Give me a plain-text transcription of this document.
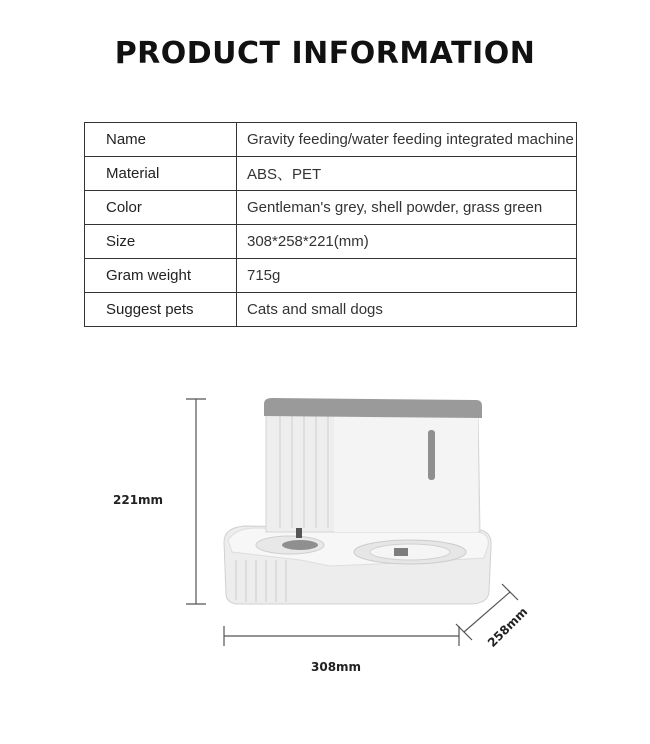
PRODUCT INFORMATION
Name	Gravity feeding/water feeding integrated machine
Material	ABS、PET
Color	Gentleman's grey, shell powder, grass green
Size	308*258*221(mm)
Gram weight	715g
Suggest pets	Cats and small dogs
221mm
308mm
258mm
